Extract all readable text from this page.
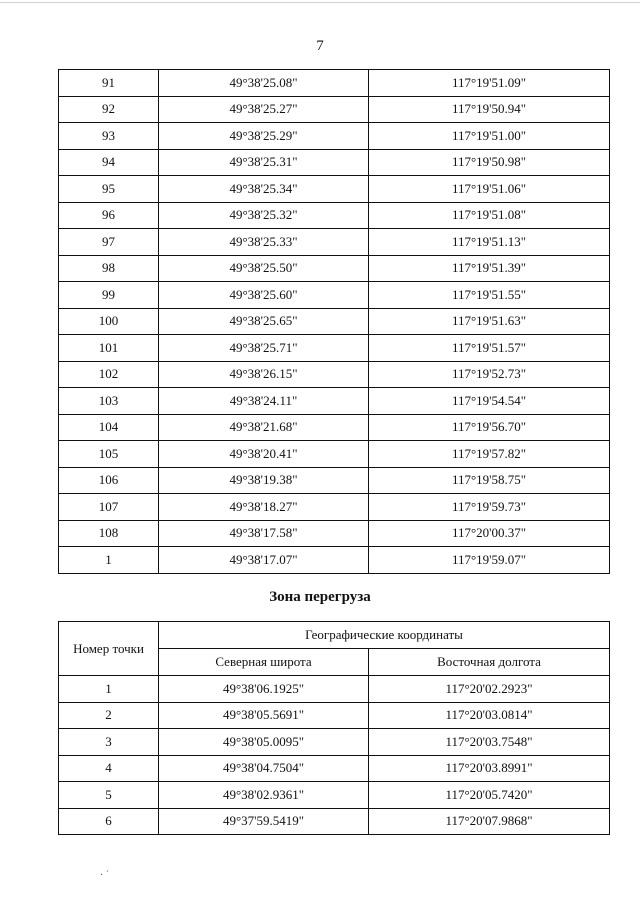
7
91	49°38'25.08"	117°19'51.09"
92	49°38'25.27"	117°19'50.94"
93	49°38'25.29"	117°19'51.00"
94	49°38'25.31"	117°19'50.98"
95	49°38'25.34"	117°19'51.06"
96	49°38'25.32"	117°19'51.08"
97	49°38'25.33"	117°19'51.13"
98	49°38'25.50"	117°19'51.39"
99	49°38'25.60"	117°19'51.55"
100	49°38'25.65"	117°19'51.63"
101	49°38'25.71"	117°19'51.57"
102	49°38'26.15"	117°19'52.73"
103	49°38'24.11"	117°19'54.54"
104	49°38'21.68"	117°19'56.70"
105	49°38'20.41"	117°19'57.82"
106	49°38'19.38"	117°19'58.75"
107	49°38'18.27"	117°19'59.73"
108	49°38'17.58"	117°20'00.37"
1	49°38'17.07"	117°19'59.07"
Зона перегруза
Номер точки	Географические координаты	
	Северная широта	Восточная долгота
1	49°38'06.1925"	117°20'02.2923"
2	49°38'05.5691"	117°20'03.0814"
3	49°38'05.0095"	117°20'03.7548"
4	49°38'04.7504"	117°20'03.8991"
5	49°38'02.9361"	117°20'05.7420"
6	49°37'59.5419"	117°20'07.9868"
· ˊ
